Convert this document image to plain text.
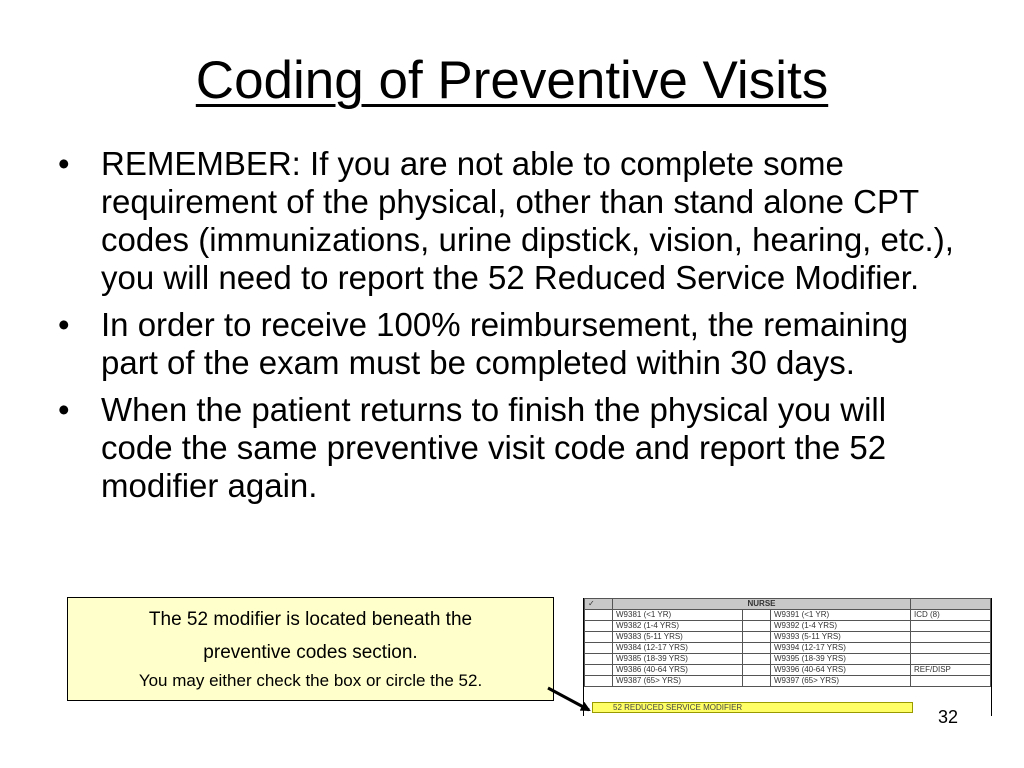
Coding of Preventive Visits
• REMEMBER: If you are not able to complete some requirement of the physical, other than stand alone CPT codes (immunizations, urine dipstick, vision, hearing, etc.), you will need to report the 52 Reduced Service Modifier.
• In order to receive 100% reimbursement, the remaining part of the exam must be completed within 30 days.
• When the patient returns to finish the physical you will code the same preventive visit code and report the 52 modifier again.
The 52 modifier is located beneath the
preventive codes section.
You may either check the box or circle the 52.
✓	NURSE			
	W9381 (<1 YR)		W9391 (<1 YR)	ICD (8)
	W9382 (1-4 YRS)		W9392 (1-4 YRS)	
	W9383 (5-11 YRS)		W9393 (5-11 YRS)	
	W9384 (12-17 YRS)		W9394 (12-17 YRS)	
	W9385 (18-39 YRS)		W9395 (18-39 YRS)	
	W9386 (40-64 YRS)		W9396 (40-64 YRS)	REF/DISP
	W9387 (65> YRS)		W9397 (65> YRS)	
52 REDUCED SERVICE MODIFIER	32
